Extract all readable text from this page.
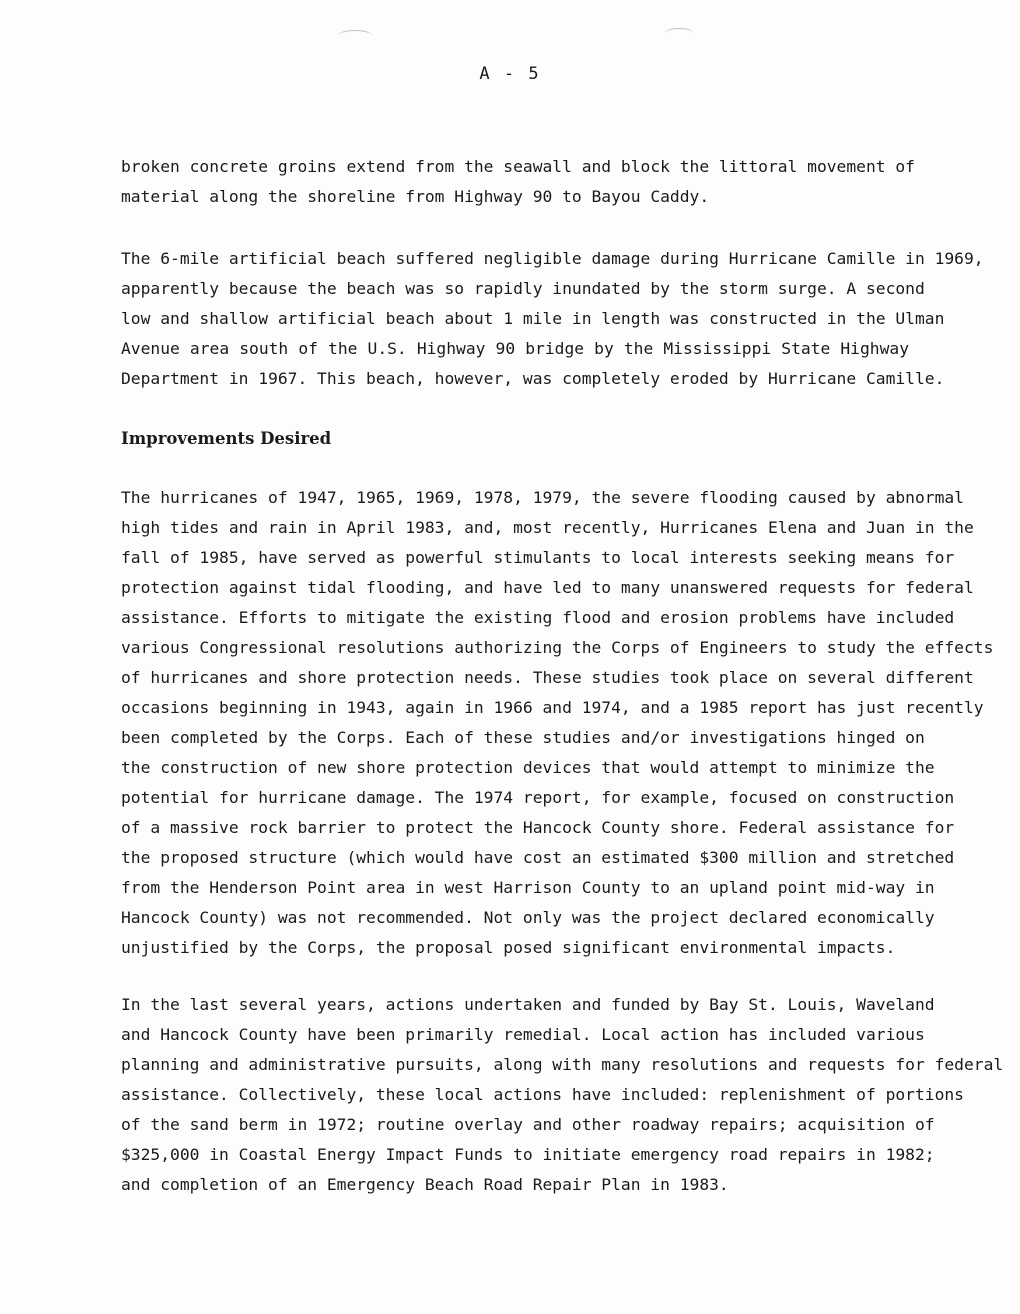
A - 5
broken concrete groins extend from the seawall and block the littoral movement of
material along the shoreline from Highway 90 to Bayou Caddy.
The 6-mile artificial beach suffered negligible damage during Hurricane Camille in 1969,
apparently because the beach was so rapidly inundated by the storm surge. A second
low and shallow artificial beach about 1 mile in length was constructed in the Ulman
Avenue area south of the U.S. Highway 90 bridge by the Mississippi State Highway
Department in 1967. This beach, however, was completely eroded by Hurricane Camille.
Improvements Desired
The hurricanes of 1947, 1965, 1969, 1978, 1979, the severe flooding caused by abnormal
high tides and rain in April 1983, and, most recently, Hurricanes Elena and Juan in the
fall of 1985, have served as powerful stimulants to local interests seeking means for
protection against tidal flooding, and have led to many unanswered requests for federal
assistance. Efforts to mitigate the existing flood and erosion problems have included
various Congressional resolutions authorizing the Corps of Engineers to study the effects
of hurricanes and shore protection needs. These studies took place on several different
occasions beginning in 1943, again in 1966 and 1974, and a 1985 report has just recently
been completed by the Corps. Each of these studies and/or investigations hinged on
the construction of new shore protection devices that would attempt to minimize the
potential for hurricane damage. The 1974 report, for example, focused on construction
of a massive rock barrier to protect the Hancock County shore. Federal assistance for
the proposed structure (which would have cost an estimated $300 million and stretched
from the Henderson Point area in west Harrison County to an upland point mid-way in
Hancock County) was not recommended. Not only was the project declared economically
unjustified by the Corps, the proposal posed significant environmental impacts.
In the last several years, actions undertaken and funded by Bay St. Louis, Waveland
and Hancock County have been primarily remedial. Local action has included various
planning and administrative pursuits, along with many resolutions and requests for federal
assistance. Collectively, these local actions have included: replenishment of portions
of the sand berm in 1972; routine overlay and other roadway repairs; acquisition of
$325,000 in Coastal Energy Impact Funds to initiate emergency road repairs in 1982;
and completion of an Emergency Beach Road Repair Plan in 1983.
